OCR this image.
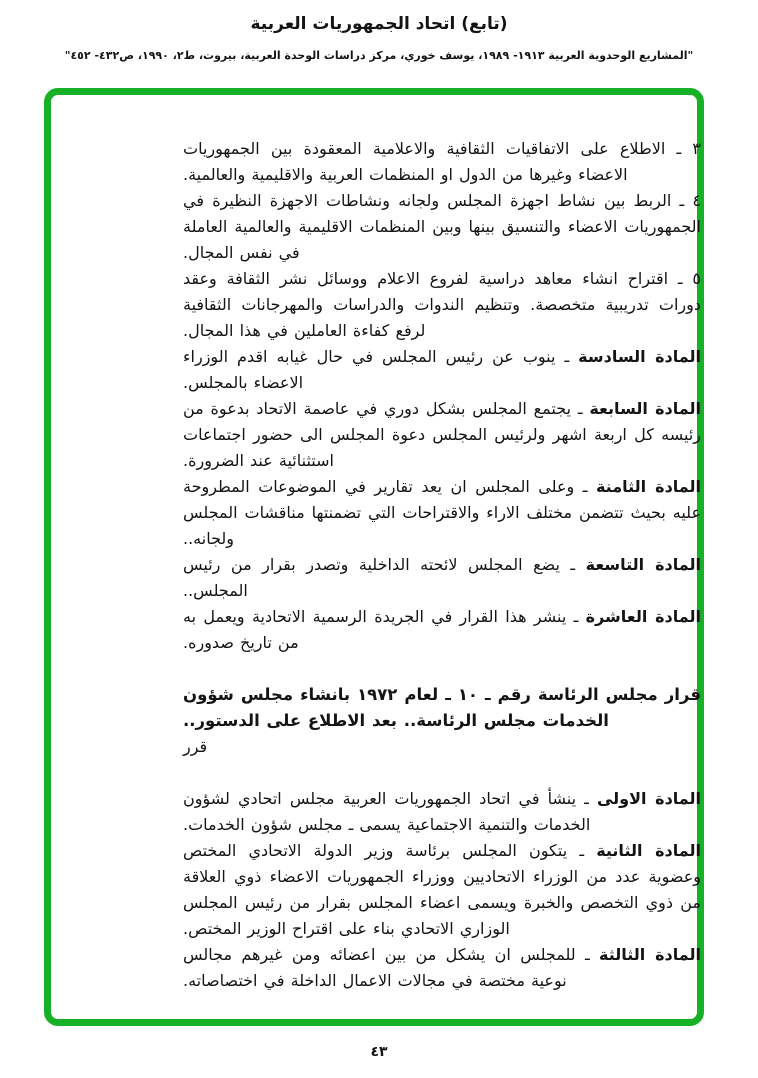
(تابع) اتحاد الجمهوريات العربية
"المشاريع الوحدوية العربية ١٩١٣- ١٩٨٩، يوسف خوري، مركز دراسات الوحدة العربية، بيروت، ط٢، ١٩٩٠، ص٤٣٢- ٤٥٢"

٣ ـ الاطلاع على الاتفاقيات الثقافية والاعلامية المعقودة بين الجمهوريات الاعضاء وغيرها من الدول او المنظمات العربية والاقليمية والعالمية.

٤ ـ الربط بين نشاط اجهزة المجلس ولجانه ونشاطات الاجهزة النظيرة في الجمهوريات الاعضاء والتنسيق بينها وبين المنظمات الاقليمية والعالمية العاملة في نفس المجال.

٥ ـ اقتراح انشاء معاهد دراسية لفروع الاعلام ووسائل نشر الثقافة وعقد دورات تدريبية متخصصة. وتنظيم الندوات والدراسات والمهرجانات الثقافية لرفع كفاءة العاملين في هذا المجال.

المادة السادسة ـ ينوب عن رئيس المجلس في حال غيابه اقدم الوزراء الاعضاء بالمجلس.

المادة السابعة ـ يجتمع المجلس بشكل دوري في عاصمة الاتحاد بدعوة من رئيسه كل اربعة اشهر ولرئيس المجلس دعوة المجلس الى حضور اجتماعات استثنائية عند الضرورة.

المادة الثامنة ـ وعلى المجلس ان يعد تقارير في الموضوعات المطروحة عليه بحيث تتضمن مختلف الاراء والاقتراحات التي تضمنتها مناقشات المجلس ولجانه..

المادة التاسعة ـ يضع المجلس لائحته الداخلية وتصدر بقرار من رئيس المجلس..

المادة العاشرة ـ ينشر هذا القرار في الجريدة الرسمية الاتحادية ويعمل به من تاريخ صدوره.

قرار مجلس الرئاسة رقم ـ ١٠ ـ لعام ١٩٧٢ بانشاء مجلس شؤون الخدمات مجلس الرئاسة.. بعد الاطلاع على الدستور..

قرر

المادة الاولى ـ ينشأ في اتحاد الجمهوريات العربية مجلس اتحادي لشؤون الخدمات والتنمية الاجتماعية يسمى ـ مجلس شؤون الخدمات.

المادة الثانية ـ يتكون المجلس برئاسة وزير الدولة الاتحادي المختص وعضوية عدد من الوزراء الاتحاديين ووزراء الجمهوريات الاعضاء ذوي العلاقة من ذوي التخصص والخبرة ويسمى اعضاء المجلس بقرار من رئيس المجلس الوزاري الاتحادي بناء على اقتراح الوزير المختص.

المادة الثالثة ـ للمجلس ان يشكل من بين اعضائه ومن غيرهم مجالس نوعية مختصة في مجالات الاعمال الداخلة في اختصاصاته.

٤٣
